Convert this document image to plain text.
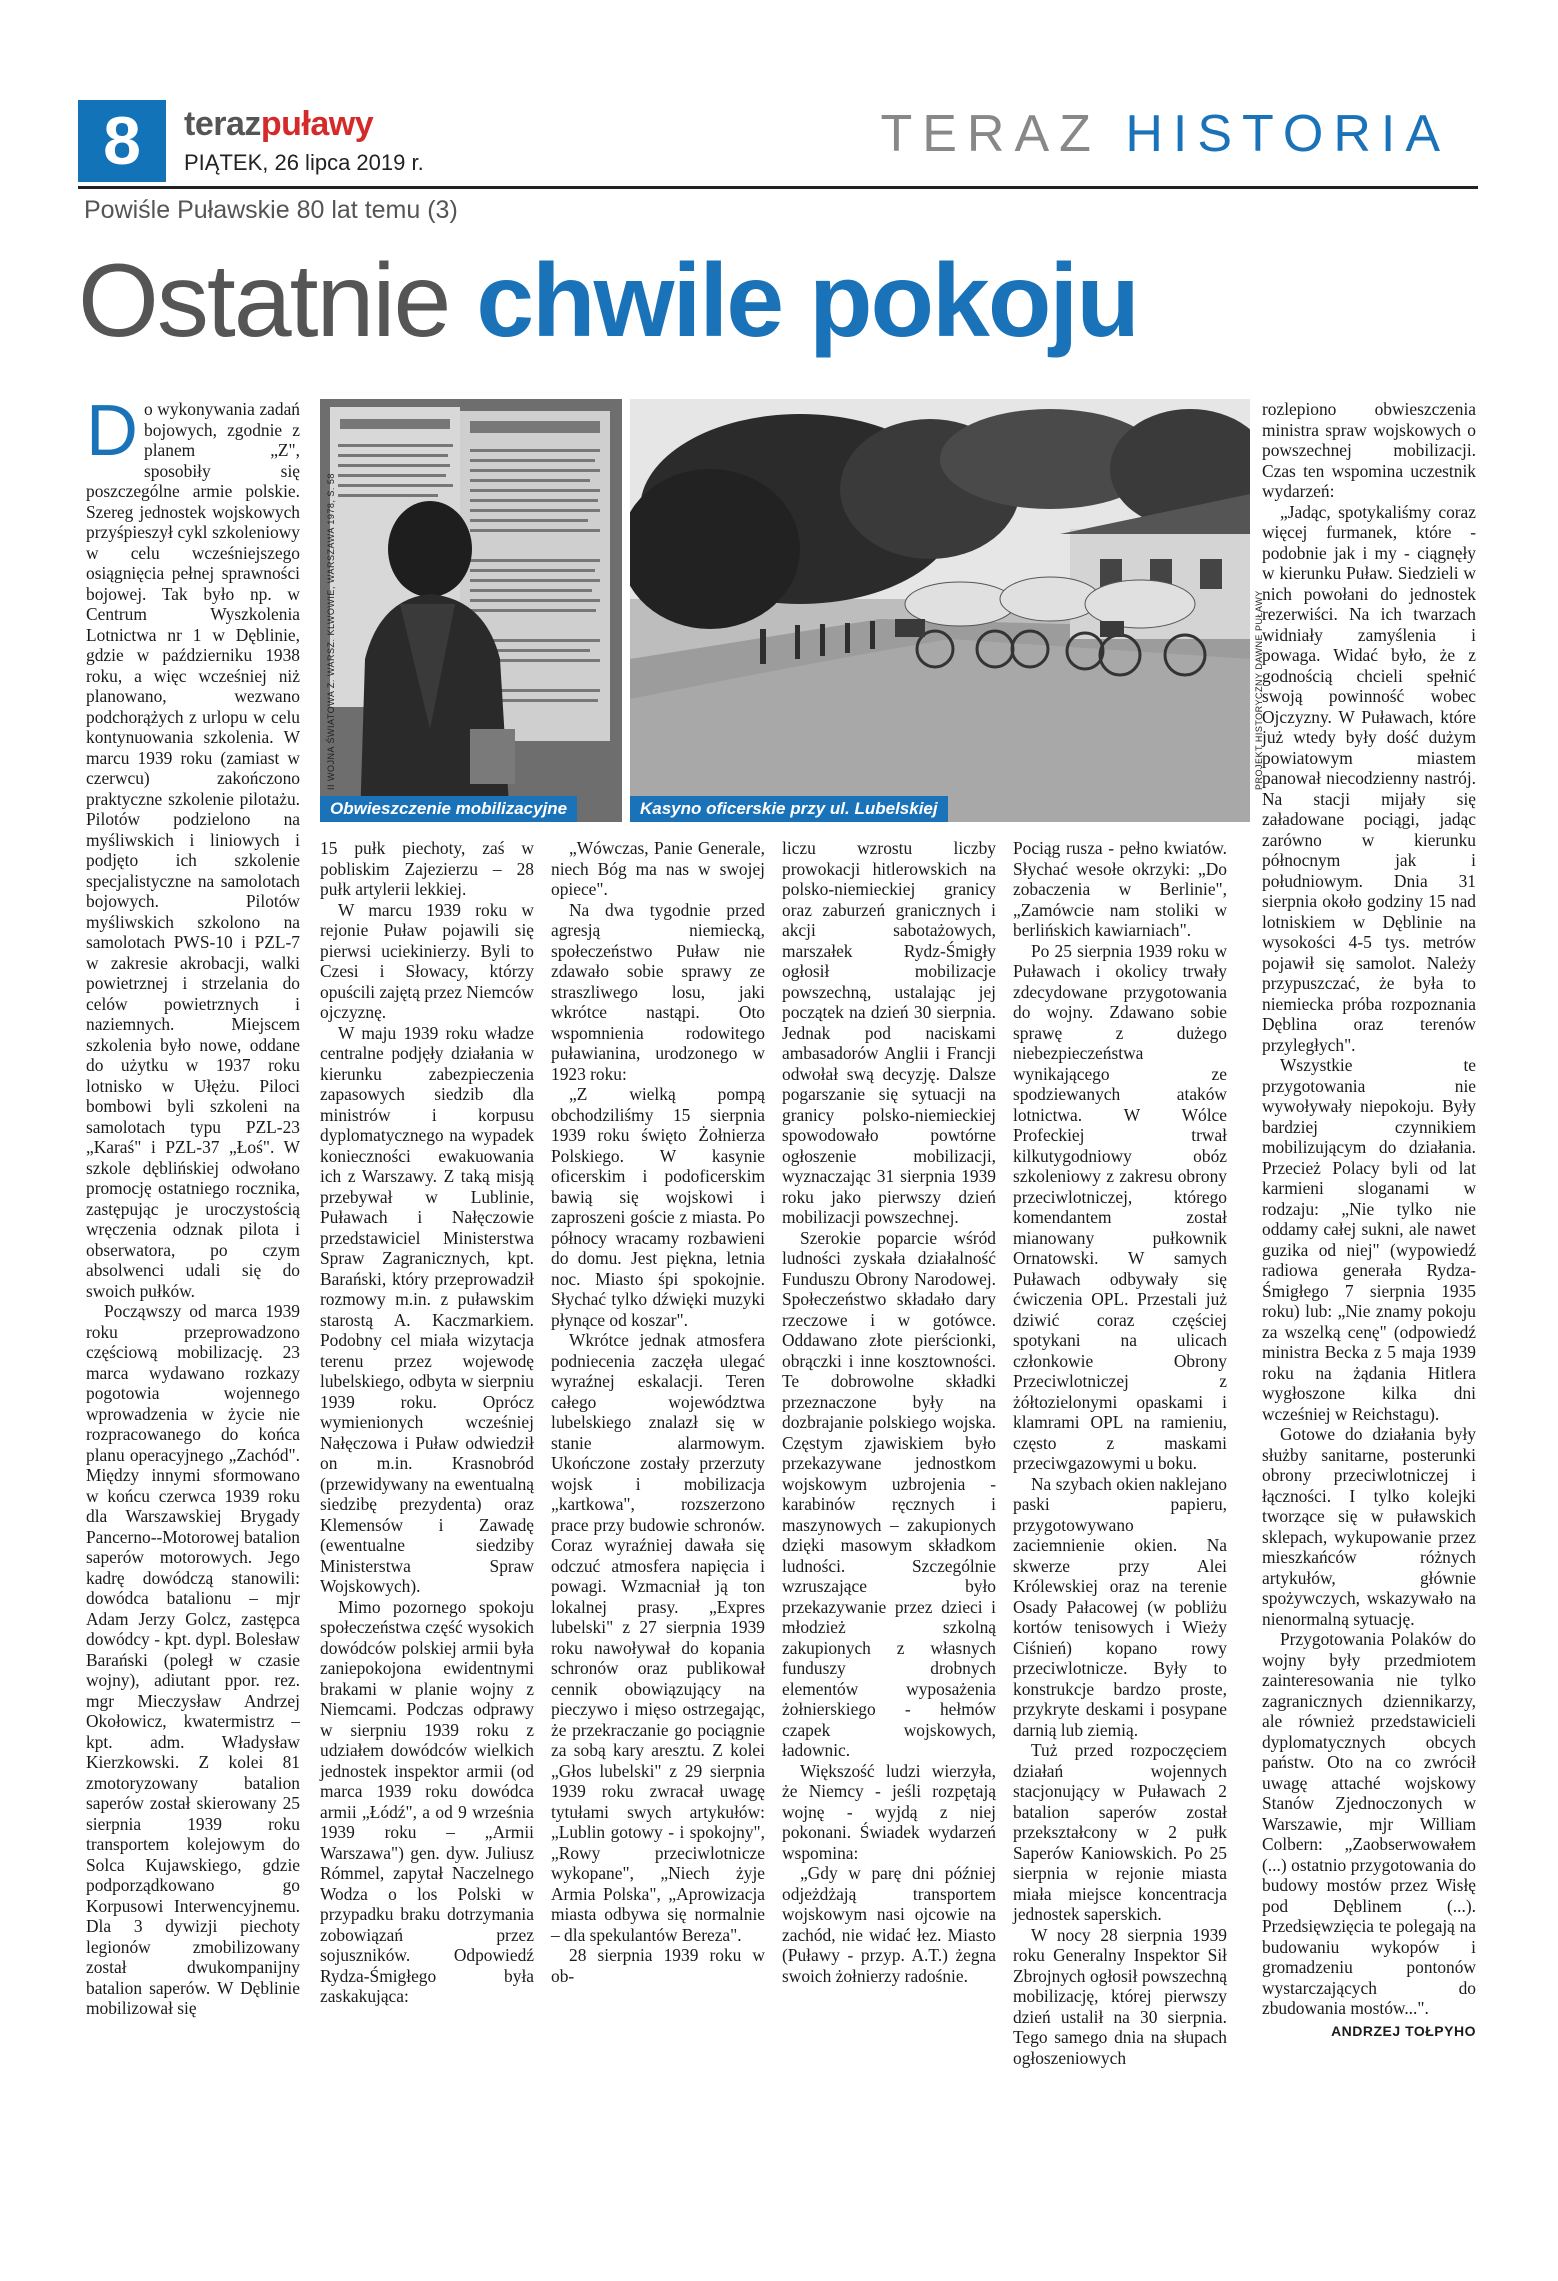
8	terazpuławy
PIĄTEK, 26 lipca 2019 r.	TERAZ HISTORIA
Powiśle Puławskie 80 lat temu (3)
Ostatnie chwile pokoju
Obwieszczenie mobilizacyjne
II WOJNA ŚWIATOWA Z. WARSZ. KLWOWIE, WARSZAWA 1978, S. 58
Kasyno oficerskie przy ul. Lubelskiej
PROJEKT HISTORYCZNY DAWNE PUŁAWY

Do wykonywania zadań bojowych, zgodnie z planem „Z", sposobiły się poszczególne armie polskie. Szereg jednostek wojskowych przyśpieszył cykl szkoleniowy w celu wcześniejszego osiągnięcia pełnej sprawności bojowej. Tak było np. w Centrum Wyszkolenia Lotnictwa nr 1 w Dęblinie, gdzie w październiku 1938 roku, a więc wcześniej niż planowano, wezwano podchorążych z urlopu w celu kontynuowania szkolenia. W marcu 1939 roku (zamiast w czerwcu) zakończono praktyczne szkolenie pilotażu. Pilotów podzielono na myśliwskich i liniowych i podjęto ich szkolenie specjalistyczne na samolotach bojowych. Pilotów myśliwskich szkolono na samolotach PWS-10 i PZL-7 w zakresie akrobacji, walki powietrznej i strzelania do celów powietrznych i naziemnych. Miejscem szkolenia było nowe, oddane do użytku w 1937 roku lotnisko w Ułężu. Piloci bombowi byli szkoleni na samolotach typu PZL-23 „Karaś" i PZL-37 „Łoś". W szkole dęblińskiej odwołano promocję ostatniego rocznika, zastępując je uroczystością wręczenia odznak pilota i obserwatora, po czym absolwenci udali się do swoich pułków.

Począwszy od marca 1939 roku przeprowadzono częściową mobilizację. 23 marca wydawano rozkazy pogotowia wojennego wprowadzenia w życie nie rozpracowanego do końca planu operacyjnego „Zachód". Między innymi sformowano w końcu czerwca 1939 roku dla Warszawskiej Brygady Pancerno--Motorowej batalion saperów motorowych. Jego kadrę dowódczą stanowili: dowódca batalionu – mjr Adam Jerzy Golcz, zastępca dowódcy - kpt. dypl. Bolesław Barański (poległ w czasie wojny), adiutant ppor. rez. mgr Mieczysław Andrzej Okołowicz, kwatermistrz – kpt. adm. Władysław Kierzkowski. Z kolei 81 zmotoryzowany batalion saperów został skierowany 25 sierpnia 1939 roku transportem kolejowym do Solca Kujawskiego, gdzie podporządkowano go Korpusowi Interwencyjnemu. Dla 3 dywizji piechoty legionów zmobilizowany został dwukompanijny batalion saperów. W Dęblinie mobilizował się

15 pułk piechoty, zaś w pobliskim Zajezierzu – 28 pułk artylerii lekkiej.

W marcu 1939 roku w rejonie Puław pojawili się pierwsi uciekinierzy. Byli to Czesi i Słowacy, którzy opuścili zajętą przez Niemców ojczyznę.

W maju 1939 roku władze centralne podjęły działania w kierunku zabezpieczenia zapasowych siedzib dla ministrów i korpusu dyplomatycznego na wypadek konieczności ewakuowania ich z Warszawy. Z taką misją przebywał w Lublinie, Puławach i Nałęczowie przedstawiciel Ministerstwa Spraw Zagranicznych, kpt. Barański, który przeprowadził rozmowy m.in. z puławskim starostą A. Kaczmarkiem. Podobny cel miała wizytacja terenu przez wojewodę lubelskiego, odbyta w sierpniu 1939 roku. Oprócz wymienionych wcześniej Nałęczowa i Puław odwiedził on m.in. Krasnobród (przewidywany na ewentualną siedzibę prezydenta) oraz Klemensów i Zawadę (ewentualne siedziby Ministerstwa Spraw Wojskowych).

Mimo pozornego spokoju społeczeństwa część wysokich dowódców polskiej armii była zaniepokojona ewidentnymi brakami w planie wojny z Niemcami. Podczas odprawy w sierpniu 1939 roku z udziałem dowódców wielkich jednostek inspektor armii (od marca 1939 roku dowódca armii „Łódź", a od 9 września 1939 roku – „Armii Warszawa") gen. dyw. Juliusz Rómmel, zapytał Naczelnego Wodza o los Polski w przypadku braku dotrzymania zobowiązań przez sojuszników. Odpowiedź Rydza-Śmigłego była zaskakująca:

„Wówczas, Panie Generale, niech Bóg ma nas w swojej opiece".

Na dwa tygodnie przed agresją niemiecką, społeczeństwo Puław nie zdawało sobie sprawy ze straszliwego losu, jaki wkrótce nastąpi. Oto wspomnienia rodowitego puławianina, urodzonego w 1923 roku:

„Z wielką pompą obchodziliśmy 15 sierpnia 1939 roku święto Żołnierza Polskiego. W kasynie oficerskim i podoficerskim bawią się wojskowi i zaproszeni goście z miasta. Po północy wracamy rozbawieni do domu. Jest piękna, letnia noc. Miasto śpi spokojnie. Słychać tylko dźwięki muzyki płynące od koszar".

Wkrótce jednak atmosfera podniecenia zaczęła ulegać wyraźnej eskalacji. Teren całego województwa lubelskiego znalazł się w stanie alarmowym. Ukończone zostały przerzuty wojsk i mobilizacja „kartkowa", rozszerzono prace przy budowie schronów. Coraz wyraźniej dawała się odczuć atmosfera napięcia i powagi. Wzmacniał ją ton lokalnej prasy. „Expres lubelski" z 27 sierpnia 1939 roku nawoływał do kopania schronów oraz publikował cennik obowiązujący na pieczywo i mięso ostrzegając, że przekraczanie go pociągnie za sobą kary aresztu. Z kolei „Głos lubelski" z 29 sierpnia 1939 roku zwracał uwagę tytułami swych artykułów: „Lublin gotowy - i spokojny", „Rowy przeciwlotnicze wykopane", „Niech żyje Armia Polska", „Aprowizacja miasta odbywa się normalnie – dla spekulantów Bereza".

28 sierpnia 1939 roku w ob-

liczu wzrostu liczby prowokacji hitlerowskich na polsko-niemieckiej granicy oraz zaburzeń granicznych i akcji sabotażowych, marszałek Rydz-Śmigły ogłosił mobilizacje powszechną, ustalając jej początek na dzień 30 sierpnia. Jednak pod naciskami ambasadorów Anglii i Francji odwołał swą decyzję. Dalsze pogarszanie się sytuacji na granicy polsko-niemieckiej spowodowało powtórne ogłoszenie mobilizacji, wyznaczając 31 sierpnia 1939 roku jako pierwszy dzień mobilizacji powszechnej.

Szerokie poparcie wśród ludności zyskała działalność Funduszu Obrony Narodowej. Społeczeństwo składało dary rzeczowe i w gotówce. Oddawano złote pierścionki, obrączki i inne kosztowności. Te dobrowolne składki przeznaczone były na dozbrajanie polskiego wojska. Częstym zjawiskiem było przekazywane jednostkom wojskowym uzbrojenia - karabinów ręcznych i maszynowych – zakupionych dzięki masowym składkom ludności. Szczególnie wzruszające było przekazywanie przez dzieci i młodzież szkolną zakupionych z własnych funduszy drobnych elementów wyposażenia żołnierskiego - hełmów czapek wojskowych, ładownic.

Większość ludzi wierzyła, że Niemcy - jeśli rozpętają wojnę - wyjdą z niej pokonani. Świadek wydarzeń wspomina:

„Gdy w parę dni później odjeżdżają transportem wojskowym nasi ojcowie na zachód, nie widać łez. Miasto (Puławy - przyp. A.T.) żegna swoich żołnierzy radośnie.

Pociąg rusza - pełno kwiatów. Słychać wesołe okrzyki: „Do zobaczenia w Berlinie", „Zamówcie nam stoliki w berlińskich kawiarniach".

Po 25 sierpnia 1939 roku w Puławach i okolicy trwały zdecydowane przygotowania do wojny. Zdawano sobie sprawę z dużego niebezpieczeństwa wynikającego ze spodziewanych ataków lotnictwa. W Wólce Profeckiej trwał kilkutygodniowy obóz szkoleniowy z zakresu obrony przeciwlotniczej, którego komendantem został mianowany pułkownik Ornatowski. W samych Puławach odbywały się ćwiczenia OPL. Przestali już dziwić coraz częściej spotykani na ulicach członkowie Obrony Przeciwlotniczej z żółtozielonymi opaskami i klamrami OPL na ramieniu, często z maskami przeciwgazowymi u boku.

Na szybach okien naklejano paski papieru, przygotowywano zaciemnienie okien. Na skwerze przy Alei Królewskiej oraz na terenie Osady Pałacowej (w pobliżu kortów tenisowych i Wieży Ciśnień) kopano rowy przeciwlotnicze. Były to konstrukcje bardzo proste, przykryte deskami i posypane darnią lub ziemią.

Tuż przed rozpoczęciem działań wojennych stacjonujący w Puławach 2 batalion saperów został przekształcony w 2 pułk Saperów Kaniowskich. Po 25 sierpnia w rejonie miasta miała miejsce koncentracja jednostek saperskich.

W nocy 28 sierpnia 1939 roku Generalny Inspektor Sił Zbrojnych ogłosił powszechną mobilizację, której pierwszy dzień ustalił na 30 sierpnia. Tego samego dnia na słupach ogłoszeniowych

rozlepiono obwieszczenia ministra spraw wojskowych o powszechnej mobilizacji. Czas ten wspomina uczestnik wydarzeń:

„Jadąc, spotykaliśmy coraz więcej furmanek, które - podobnie jak i my - ciągnęły w kierunku Puław. Siedzieli w nich powołani do jednostek rezerwiści. Na ich twarzach widniały zamyślenia i powaga. Widać było, że z godnością chcieli spełnić swoją powinność wobec Ojczyzny. W Puławach, które już wtedy były dość dużym powiatowym miastem panował niecodzienny nastrój. Na stacji mijały się załadowane pociągi, jadąc zarówno w kierunku północnym jak i południowym. Dnia 31 sierpnia około godziny 15 nad lotniskiem w Dęblinie na wysokości 4-5 tys. metrów pojawił się samolot. Należy przypuszczać, że była to niemiecka próba rozpoznania Dęblina oraz terenów przyległych".

Wszystkie te przygotowania nie wywoływały niepokoju. Były bardziej czynnikiem mobilizującym do działania. Przecież Polacy byli od lat karmieni sloganami w rodzaju: „Nie tylko nie oddamy całej sukni, ale nawet guzika od niej" (wypowiedź radiowa generała Rydza-Śmigłego 7 sierpnia 1935 roku) lub: „Nie znamy pokoju za wszelką cenę" (odpowiedź ministra Becka z 5 maja 1939 roku na żądania Hitlera wygłoszone kilka dni wcześniej w Reichstagu).

Gotowe do działania były służby sanitarne, posterunki obrony przeciwlotniczej i łączności. I tylko kolejki tworzące się w puławskich sklepach, wykupowanie przez mieszkańców różnych artykułów, głównie spożywczych, wskazywało na nienormalną sytuację.

Przygotowania Polaków do wojny były przedmiotem zainteresowania nie tylko zagranicznych dziennikarzy, ale również przedstawicieli dyplomatycznych obcych państw. Oto na co zwrócił uwagę attaché wojskowy Stanów Zjednoczonych w Warszawie, mjr William Colbern: „Zaobserwowałem (...) ostatnio przygotowania do budowy mostów przez Wisłę pod Dęblinem (...). Przedsięwzięcia te polegają na budowaniu wykopów i gromadzeniu pontonów wystarczających do zbudowania mostów...".

ANDRZEJ TOŁPYHO
